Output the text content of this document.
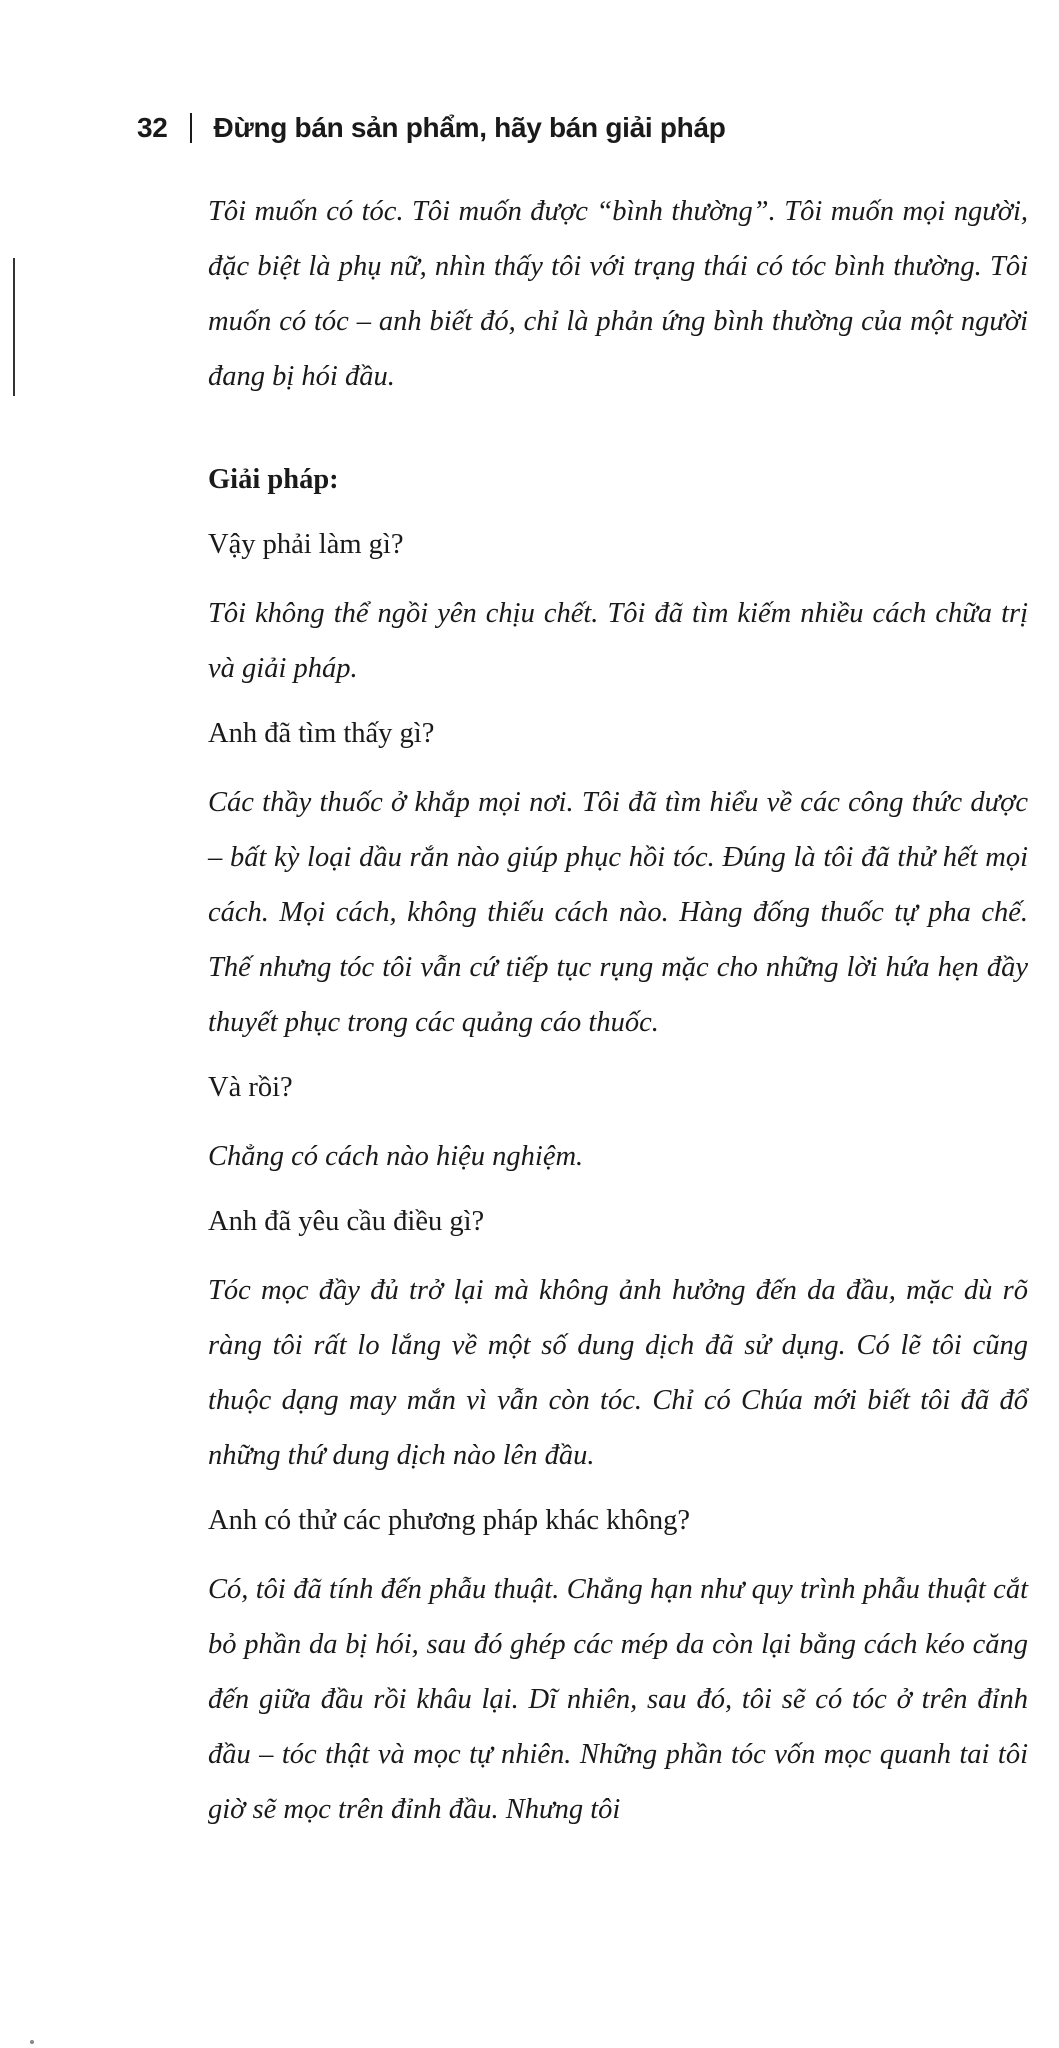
32 Đừng bán sản phẩm, hãy bán giải pháp

Tôi muốn có tóc. Tôi muốn được “bình thường”. Tôi muốn mọi người, đặc biệt là phụ nữ, nhìn thấy tôi với trạng thái có tóc bình thường. Tôi muốn có tóc – anh biết đó, chỉ là phản ứng bình thường của một người đang bị hói đầu.

Giải pháp:

Vậy phải làm gì?

Tôi không thể ngồi yên chịu chết. Tôi đã tìm kiếm nhiều cách chữa trị và giải pháp.

Anh đã tìm thấy gì?

Các thầy thuốc ở khắp mọi nơi. Tôi đã tìm hiểu về các công thức dược – bất kỳ loại dầu rắn nào giúp phục hồi tóc. Đúng là tôi đã thử hết mọi cách. Mọi cách, không thiếu cách nào. Hàng đống thuốc tự pha chế. Thế nhưng tóc tôi vẫn cứ tiếp tục rụng mặc cho những lời hứa hẹn đầy thuyết phục trong các quảng cáo thuốc.

Và rồi?

Chẳng có cách nào hiệu nghiệm.

Anh đã yêu cầu điều gì?

Tóc mọc đầy đủ trở lại mà không ảnh hưởng đến da đầu, mặc dù rõ ràng tôi rất lo lắng về một số dung dịch đã sử dụng. Có lẽ tôi cũng thuộc dạng may mắn vì vẫn còn tóc. Chỉ có Chúa mới biết tôi đã đổ những thứ dung dịch nào lên đầu.

Anh có thử các phương pháp khác không?

Có, tôi đã tính đến phẫu thuật. Chẳng hạn như quy trình phẫu thuật cắt bỏ phần da bị hói, sau đó ghép các mép da còn lại bằng cách kéo căng đến giữa đầu rồi khâu lại. Dĩ nhiên, sau đó, tôi sẽ có tóc ở trên đỉnh đầu – tóc thật và mọc tự nhiên. Những phần tóc vốn mọc quanh tai tôi giờ sẽ mọc trên đỉnh đầu. Nhưng tôi
